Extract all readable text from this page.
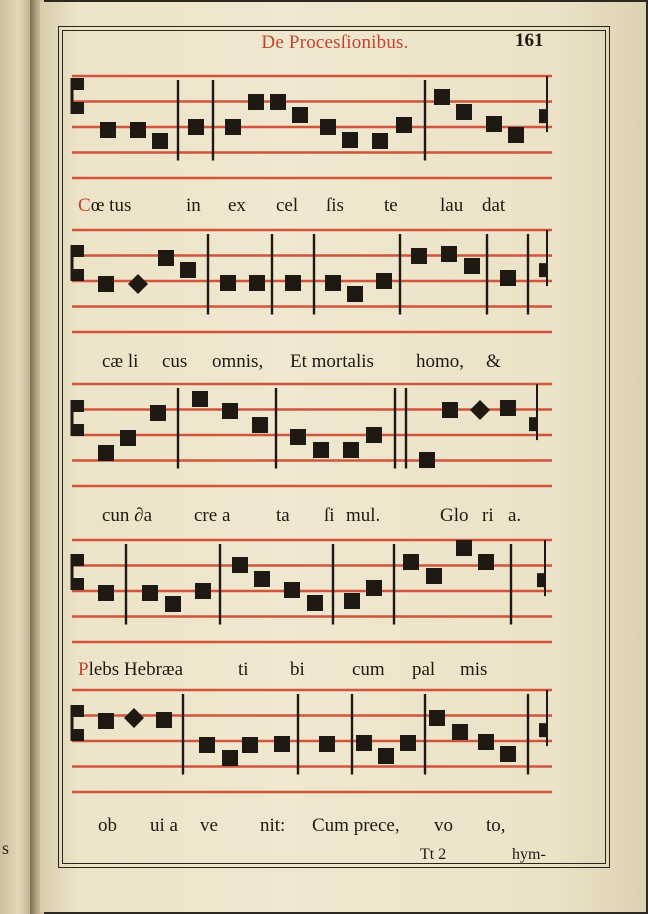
s
De Procesſionibus.	161
Cœ tus	in ex cel ſis te lau dat
cæ li cus omnis, Et mortalis homo, &
cun ∂a cre a ta ſi mul.	Glo ri a.
Plebs Hebræa	ti bi cum pal mis
ob ui a ve nit: Cum prece, vo to,
Tt 2	hym-
